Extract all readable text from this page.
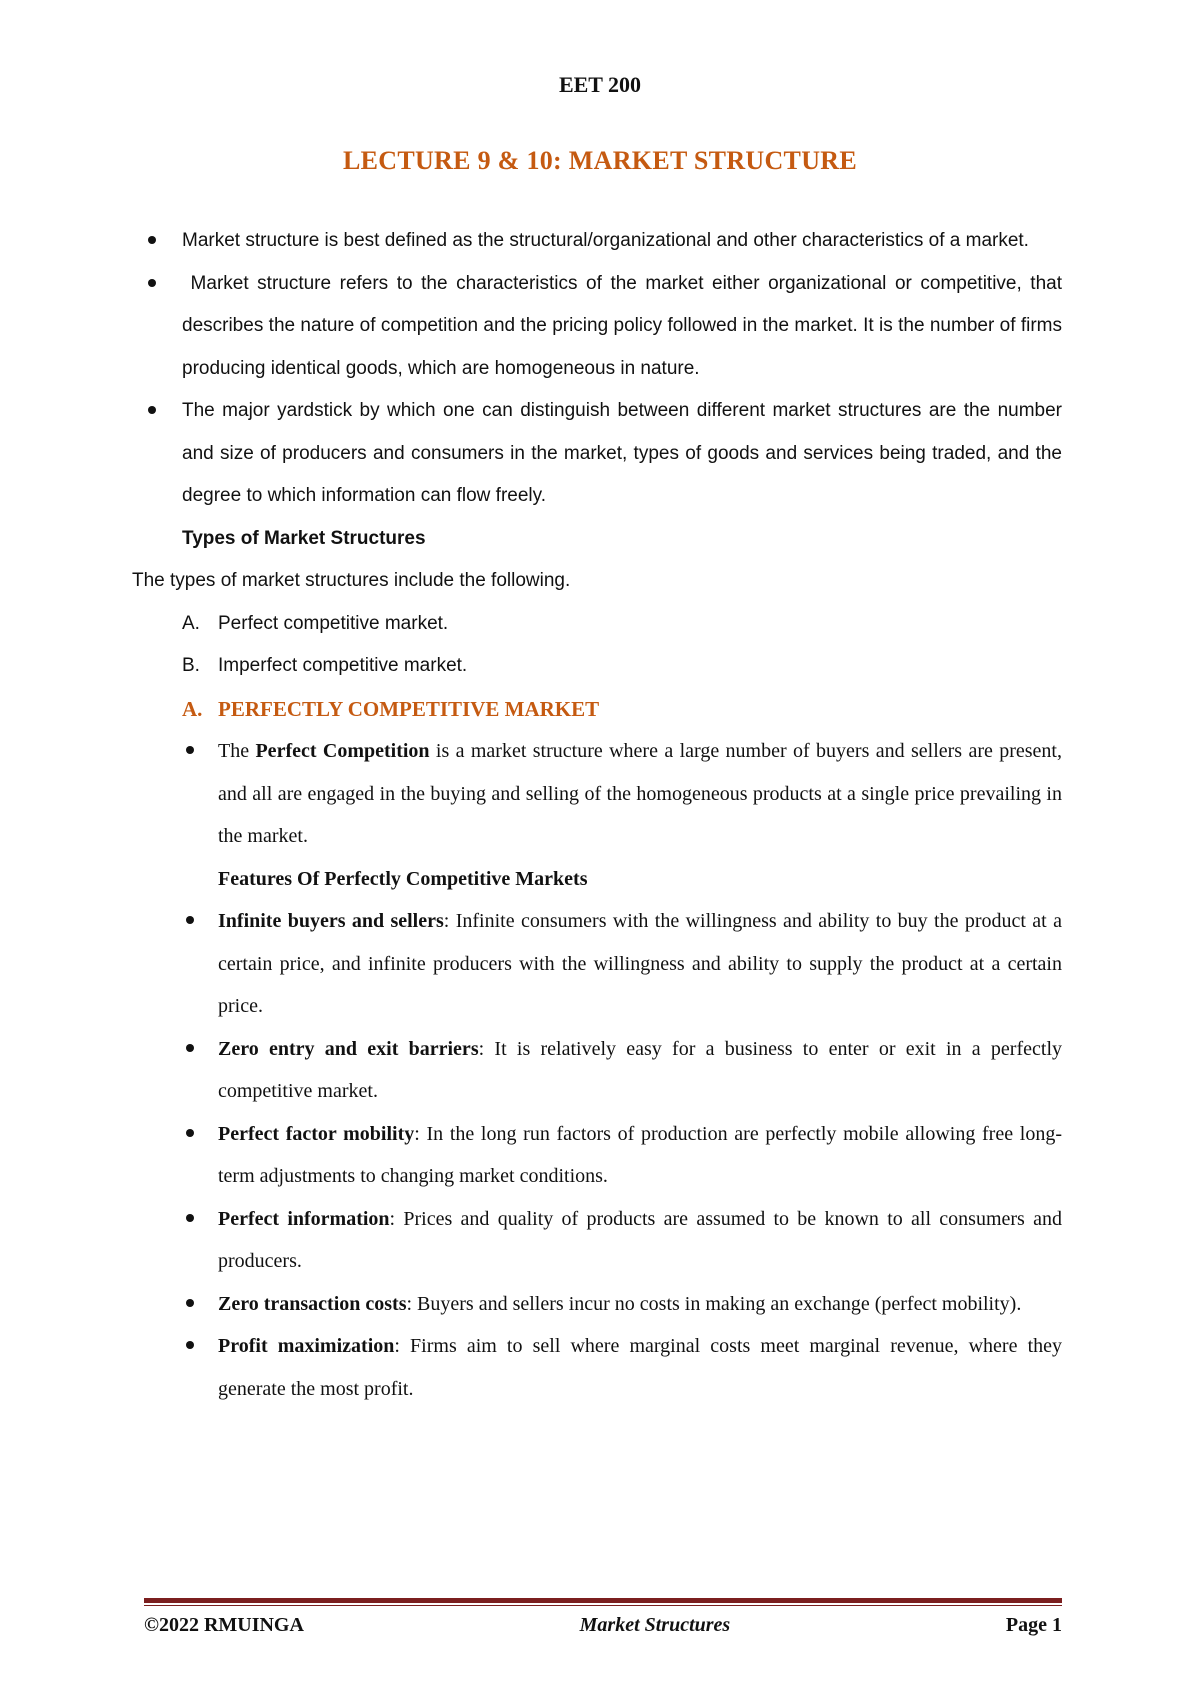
EET 200
LECTURE 9 & 10: MARKET STRUCTURE
Market structure is best defined as the structural/organizational and other characteristics of a market.
Market structure refers to the characteristics of the market either organizational or competitive, that describes the nature of competition and the pricing policy followed in the market. It is the number of firms producing identical goods, which are homogeneous in nature.
The major yardstick by which one can distinguish between different market structures are the number and size of producers and consumers in the market, types of goods and services being traded, and the degree to which information can flow freely.
Types of Market Structures
The types of market structures include the following.
A. Perfect competitive market.
B. Imperfect competitive market.
A. PERFECTLY COMPETITIVE MARKET
The Perfect Competition is a market structure where a large number of buyers and sellers are present, and all are engaged in the buying and selling of the homogeneous products at a single price prevailing in the market.
Features Of Perfectly Competitive Markets
Infinite buyers and sellers: Infinite consumers with the willingness and ability to buy the product at a certain price, and infinite producers with the willingness and ability to supply the product at a certain price.
Zero entry and exit barriers: It is relatively easy for a business to enter or exit in a perfectly competitive market.
Perfect factor mobility: In the long run factors of production are perfectly mobile allowing free long-term adjustments to changing market conditions.
Perfect information: Prices and quality of products are assumed to be known to all consumers and producers.
Zero transaction costs: Buyers and sellers incur no costs in making an exchange (perfect mobility).
Profit maximization: Firms aim to sell where marginal costs meet marginal revenue, where they generate the most profit.
©2022 RMUINGA	Market Structures	Page 1
